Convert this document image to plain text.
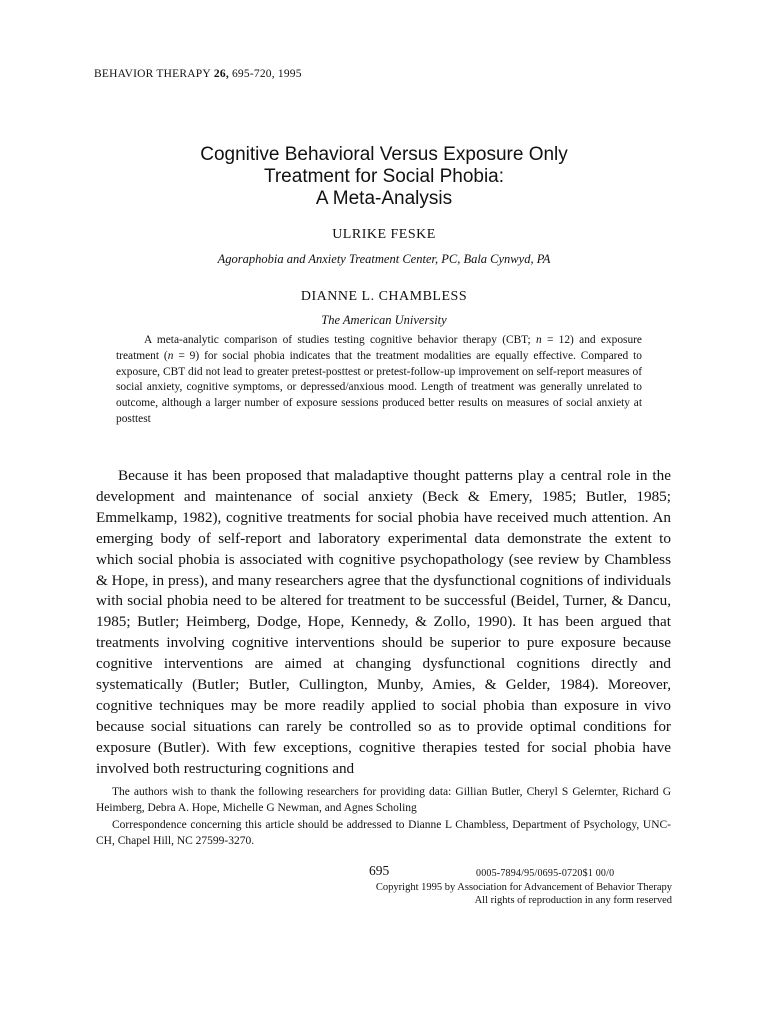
BEHAVIOR THERAPY 26, 695-720, 1995
Cognitive Behavioral Versus Exposure Only
Treatment for Social Phobia:
A Meta-Analysis
ULRIKE FESKE
Agoraphobia and Anxiety Treatment Center, PC, Bala Cynwyd, PA
DIANNE L. CHAMBLESS
The American University
A meta-analytic comparison of studies testing cognitive behavior therapy (CBT; n = 12) and exposure treatment (n = 9) for social phobia indicates that the treatment modalities are equally effective. Compared to exposure, CBT did not lead to greater pretest-posttest or pretest-follow-up improvement on self-report measures of social anxiety, cognitive symptoms, or depressed/anxious mood. Length of treatment was generally unrelated to outcome, although a larger number of exposure sessions produced better results on measures of social anxiety at posttest
Because it has been proposed that maladaptive thought patterns play a central role in the development and maintenance of social anxiety (Beck & Emery, 1985; Butler, 1985; Emmelkamp, 1982), cognitive treatments for social phobia have received much attention. An emerging body of self-report and laboratory experimental data demonstrate the extent to which social phobia is associated with cognitive psychopathology (see review by Chambless & Hope, in press), and many researchers agree that the dysfunctional cognitions of individuals with social phobia need to be altered for treatment to be successful (Beidel, Turner, & Dancu, 1985; Butler; Heimberg, Dodge, Hope, Kennedy, & Zollo, 1990). It has been argued that treatments involving cognitive interventions should be superior to pure exposure because cognitive interventions are aimed at changing dysfunctional cognitions directly and systematically (Butler; Butler, Cullington, Munby, Amies, & Gelder, 1984). Moreover, cognitive techniques may be more readily applied to social phobia than exposure in vivo because social situations can rarely be controlled so as to provide optimal conditions for exposure (Butler). With few exceptions, cognitive therapies tested for social phobia have involved both restructuring cognitions and
The authors wish to thank the following researchers for providing data: Gillian Butler, Cheryl S Gelernter, Richard G Heimberg, Debra A. Hope, Michelle G Newman, and Agnes Scholing
Correspondence concerning this article should be addressed to Dianne L Chambless, Department of Psychology, UNC-CH, Chapel Hill, NC 27599-3270.
695	0005-7894/95/0695-0720$1 00/0
Copyright 1995 by Association for Advancement of Behavior Therapy
All rights of reproduction in any form reserved
